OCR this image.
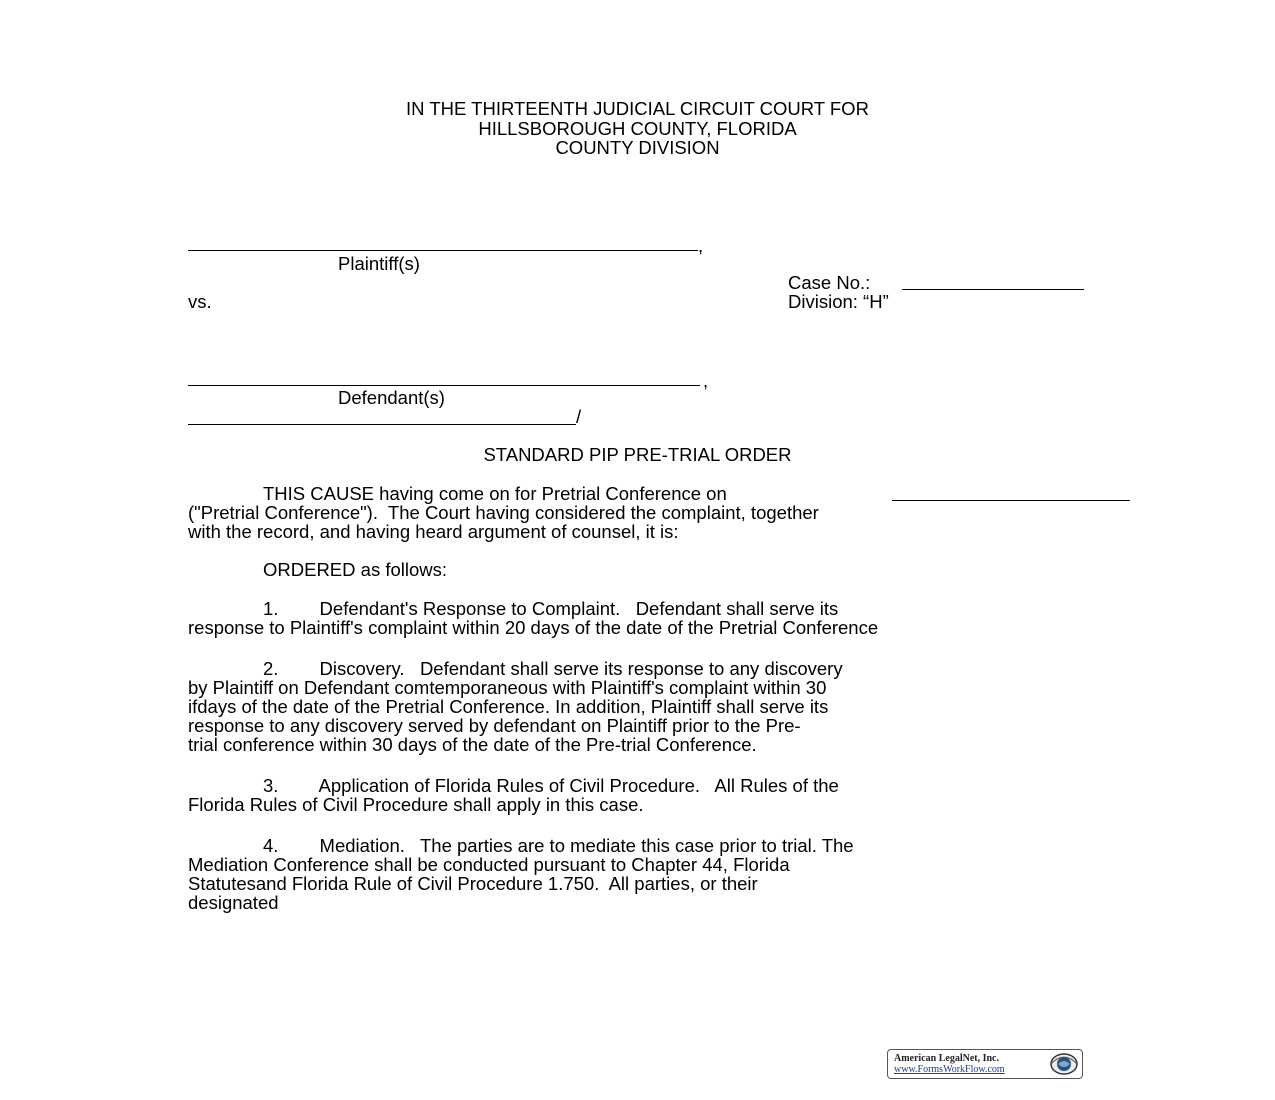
IN THE THIRTEENTH JUDICIAL CIRCUIT COURT FOR
HILLSBOROUGH COUNTY, FLORIDA
COUNTY DIVISION
,
Plaintiff(s)
Case No.:
vs.	Division: “H”
,
Defendant(s)
/
STANDARD PIP PRE-TRIAL ORDER
THIS CAUSE having come on for Pretrial Conference on
("Pretrial Conference").  The Court having considered the complaint, together
with the record, and having heard argument of counsel, it is:
ORDERED as follows:
1.        Defendant's Response to Complaint.   Defendant shall serve its
response to Plaintiff's complaint within 20 days of the date of the Pretrial Conference
2.        Discovery.   Defendant shall serve its response to any discovery
by Plaintiff on Defendant comtemporaneous with Plaintiff's complaint within 30
ifdays of the date of the Pretrial Conference. In addition, Plaintiff shall serve its
response to any discovery served by defendant on Plaintiff prior to the Pre-
trial conference within 30 days of the date of the Pre-trial Conference.
3.        Application of Florida Rules of Civil Procedure.   All Rules of the
Florida Rules of Civil Procedure shall apply in this case.
4.        Mediation.   The parties are to mediate this case prior to trial. The
Mediation Conference shall be conducted pursuant to Chapter 44, Florida
Statutesand Florida Rule of Civil Procedure 1.750.  All parties, or their
designated
American LegalNet, Inc.
www.FormsWorkFlow.com
